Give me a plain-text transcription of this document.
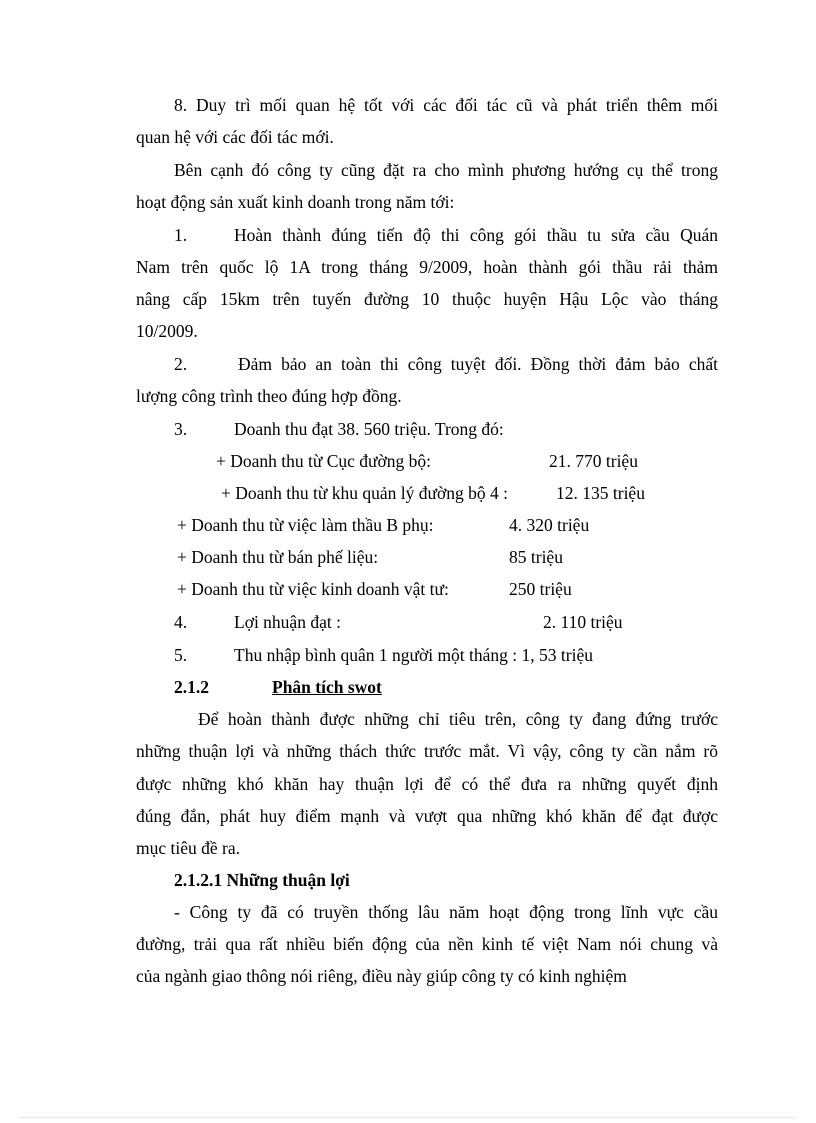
8. Duy trì mối quan hệ tốt với các đối tác cũ và phát triển thêm mối
quan hệ với các đối tác mới.
Bên cạnh đó công ty cũng đặt ra cho mình phương hướng cụ thể trong
hoạt động sản xuất kinh doanh trong năm tới:
1.	Hoàn thành đúng tiến độ thi công gói thầu tu sửa cầu Quán
Nam trên quốc lộ 1A trong tháng 9/2009, hoàn thành gói thầu rải thảm
nâng cấp 15km trên tuyến đường 10 thuộc huyện Hậu Lộc vào tháng
10/2009.
2.	Đảm bảo an toàn thi công tuyệt đối. Đồng thời đảm bảo chất
lượng công trình theo đúng hợp đồng.
3.	Doanh thu đạt 38. 560 triệu. Trong đó:
+ Doanh thu từ Cục đường bộ:	21. 770 triệu
+ Doanh thu từ khu quản lý đường bộ 4 :	12. 135 triệu
+ Doanh thu từ việc làm thầu B phụ:	4. 320 triệu
+ Doanh thu từ bán phế liệu:	85 triệu
+ Doanh thu từ việc kinh doanh vật tư:	250 triệu
4.	Lợi nhuận đạt :	2. 110 triệu
5.	Thu nhập bình quân 1 người một tháng : 1, 53 triệu
2.1.2	Phân tích swot
Để hoàn thành được những chỉ tiêu trên, công ty đang đứng trước
những thuận lợi và những thách thức trước mắt. Vì vậy, công ty cần nắm rõ
được những khó khăn hay thuận lợi để có thể đưa ra những quyết định
đúng đắn, phát huy điểm mạnh và vượt qua những khó khăn để đạt được
mục tiêu đề ra.
2.1.2.1 Những thuận lợi
- Công ty đã có truyền thống lâu năm hoạt động trong lĩnh vực cầu
đường, trải qua rất nhiều biến động của nền kinh tế việt Nam nói chung và
của ngành giao thông nói riêng, điều này giúp công ty có kinh nghiệm
